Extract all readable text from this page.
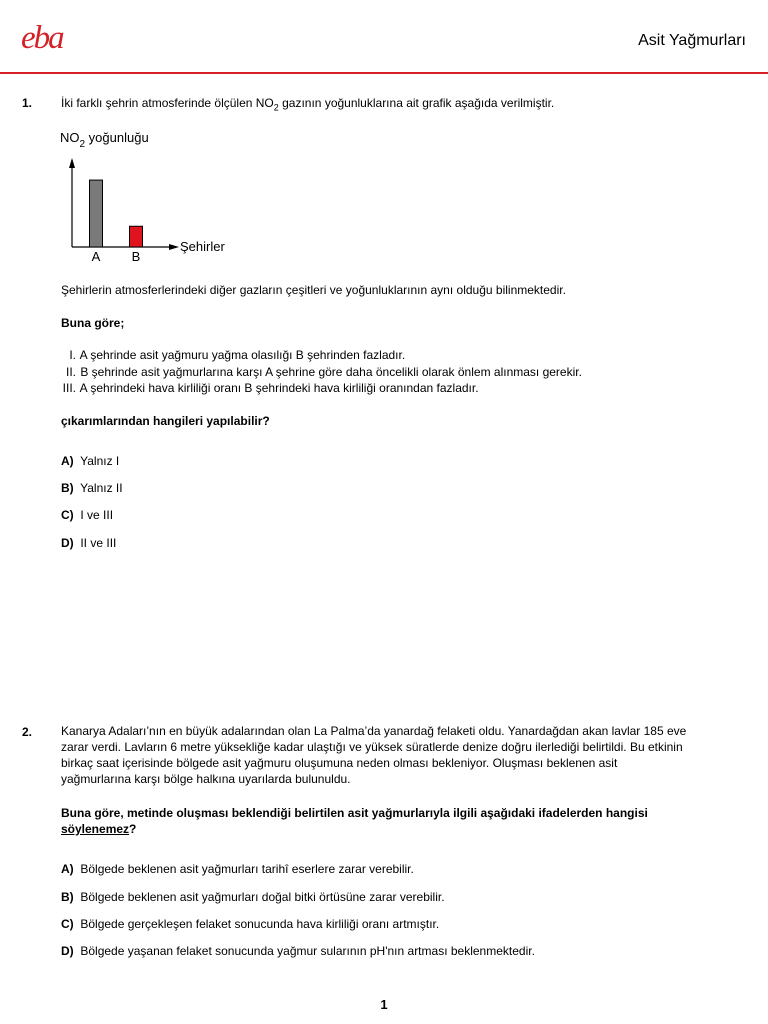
eba	Asit Yağmurları
1. İki farklı şehrin atmosferinde ölçülen $NO_2$ gazının yoğunluklarına ait grafik aşağıda verilmiştir.
$NO_2$ yoğunluğu
Şehirler
A B
Şehirlerin atmosferlerindeki diğer gazların çeşitleri ve yoğunluklarının aynı olduğu bilinmektedir.
Buna göre;
I. A şehrinde asit yağmuru yağma olasılığı B şehrinden fazladır.
II. B şehrinde asit yağmurlarına karşı A şehrine göre daha öncelikli olarak önlem alınması gerekir.
III. A şehrindeki hava kirliliği oranı B şehrindeki hava kirliliği oranından fazladır.
çıkarımlarından hangileri yapılabilir?
A) Yalnız I
B) Yalnız II
C) I ve III
D) II ve III
2. Kanarya Adaları’nın en büyük adalarından olan La Palma’da yanardağ felaketi oldu. Yanardağdan akan lavlar 185 eve
zarar verdi. Lavların 6 metre yüksekliğe kadar ulaştığı ve yüksek süratlerde denize doğru ilerlediği belirtildi. Bu etkinin
birkaç saat içerisinde bölgede asit yağmuru oluşumuna neden olması bekleniyor. Oluşması beklenen asit
yağmurlarına karşı bölge halkına uyarılarda bulunuldu.
Buna göre, metinde oluşması beklendiği belirtilen asit yağmurlarıyla ilgili aşağıdaki ifadelerden hangisi
söylenemez?
A) Bölgede beklenen asit yağmurları tarihî eserlere zarar verebilir.
B) Bölgede beklenen asit yağmurları doğal bitki örtüsüne zarar verebilir.
C) Bölgede gerçekleşen felaket sonucunda hava kirliliği oranı artmıştır.
D) Bölgede yaşanan felaket sonucunda yağmur sularının pH'nın artması beklenmektedir.
1
